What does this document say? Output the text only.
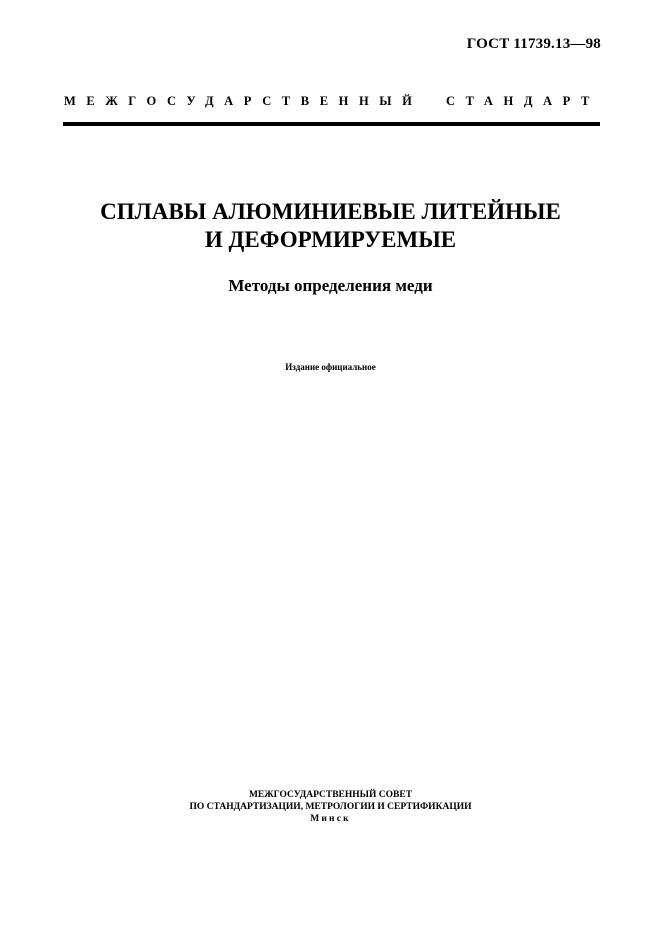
ГОСТ 11739.13—98
МЕЖГОСУДАРСТВЕННЫЙ СТАНДАРТ
СПЛАВЫ АЛЮМИНИЕВЫЕ ЛИТЕЙНЫЕ
И ДЕФОРМИРУЕМЫЕ
Методы определения меди
Издание официальное
МЕЖГОСУДАРСТВЕННЫЙ СОВЕТ
ПО СТАНДАРТИЗАЦИИ, МЕТРОЛОГИИ И СЕРТИФИКАЦИИ
Минск
